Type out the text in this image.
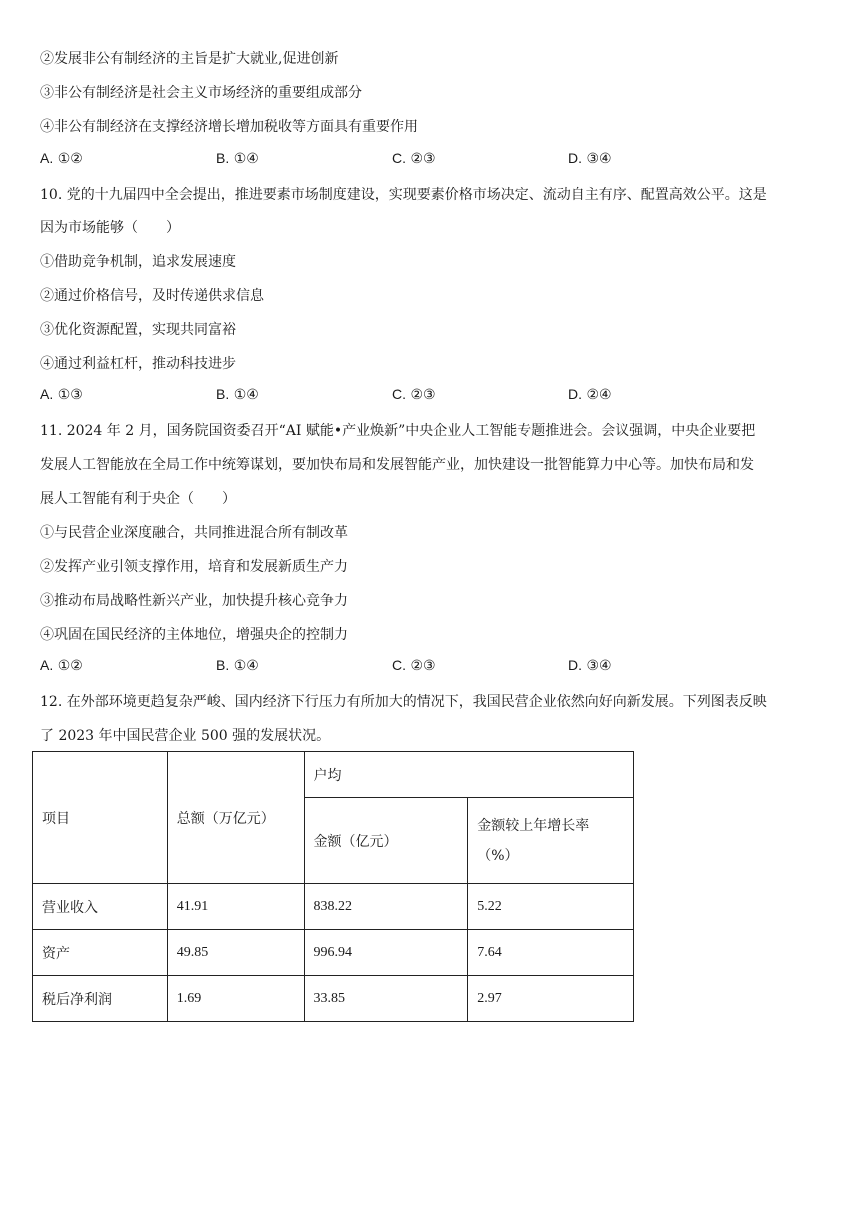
②发展非公有制经济的主旨是扩大就业,促进创新
③非公有制经济是社会主义市场经济的重要组成部分
④非公有制经济在支撑经济增长增加税收等方面具有重要作用
A. ①②	B. ①④	C. ②③	D. ③④
10. 党的十九届四中全会提出，推进要素市场制度建设，实现要素价格市场决定、流动自主有序、配置高效公平。这是
因为市场能够（　　）
①借助竞争机制，追求发展速度
②通过价格信号，及时传递供求信息
③优化资源配置，实现共同富裕
④通过利益杠杆，推动科技进步
A. ①③	B. ①④	C. ②③	D. ②④
11. 2024 年 2 月，国务院国资委召开“AI 赋能•产业焕新”中央企业人工智能专题推进会。会议强调，中央企业要把
发展人工智能放在全局工作中统筹谋划，要加快布局和发展智能产业，加快建设一批智能算力中心等。加快布局和发
展人工智能有利于央企（　　）
①与民营企业深度融合，共同推进混合所有制改革
②发挥产业引领支撑作用，培育和发展新质生产力
③推动布局战略性新兴产业，加快提升核心竞争力
④巩固在国民经济的主体地位，增强央企的控制力
A. ①②	B. ①④	C. ②③	D. ③④
12. 在外部环境更趋复杂严峻、国内经济下行压力有所加大的情况下，我国民营企业依然向好向新发展。下列图表反映
了 2023 年中国民营企业 500 强的发展状况。
项目	总额（万亿元）	户均	
		金额（亿元）	金额较上年增长率
（%）

营业收入	41.91	838.22	5.22
资产	49.85	996.94	7.64
税后净利润	1.69	33.85	2.97
